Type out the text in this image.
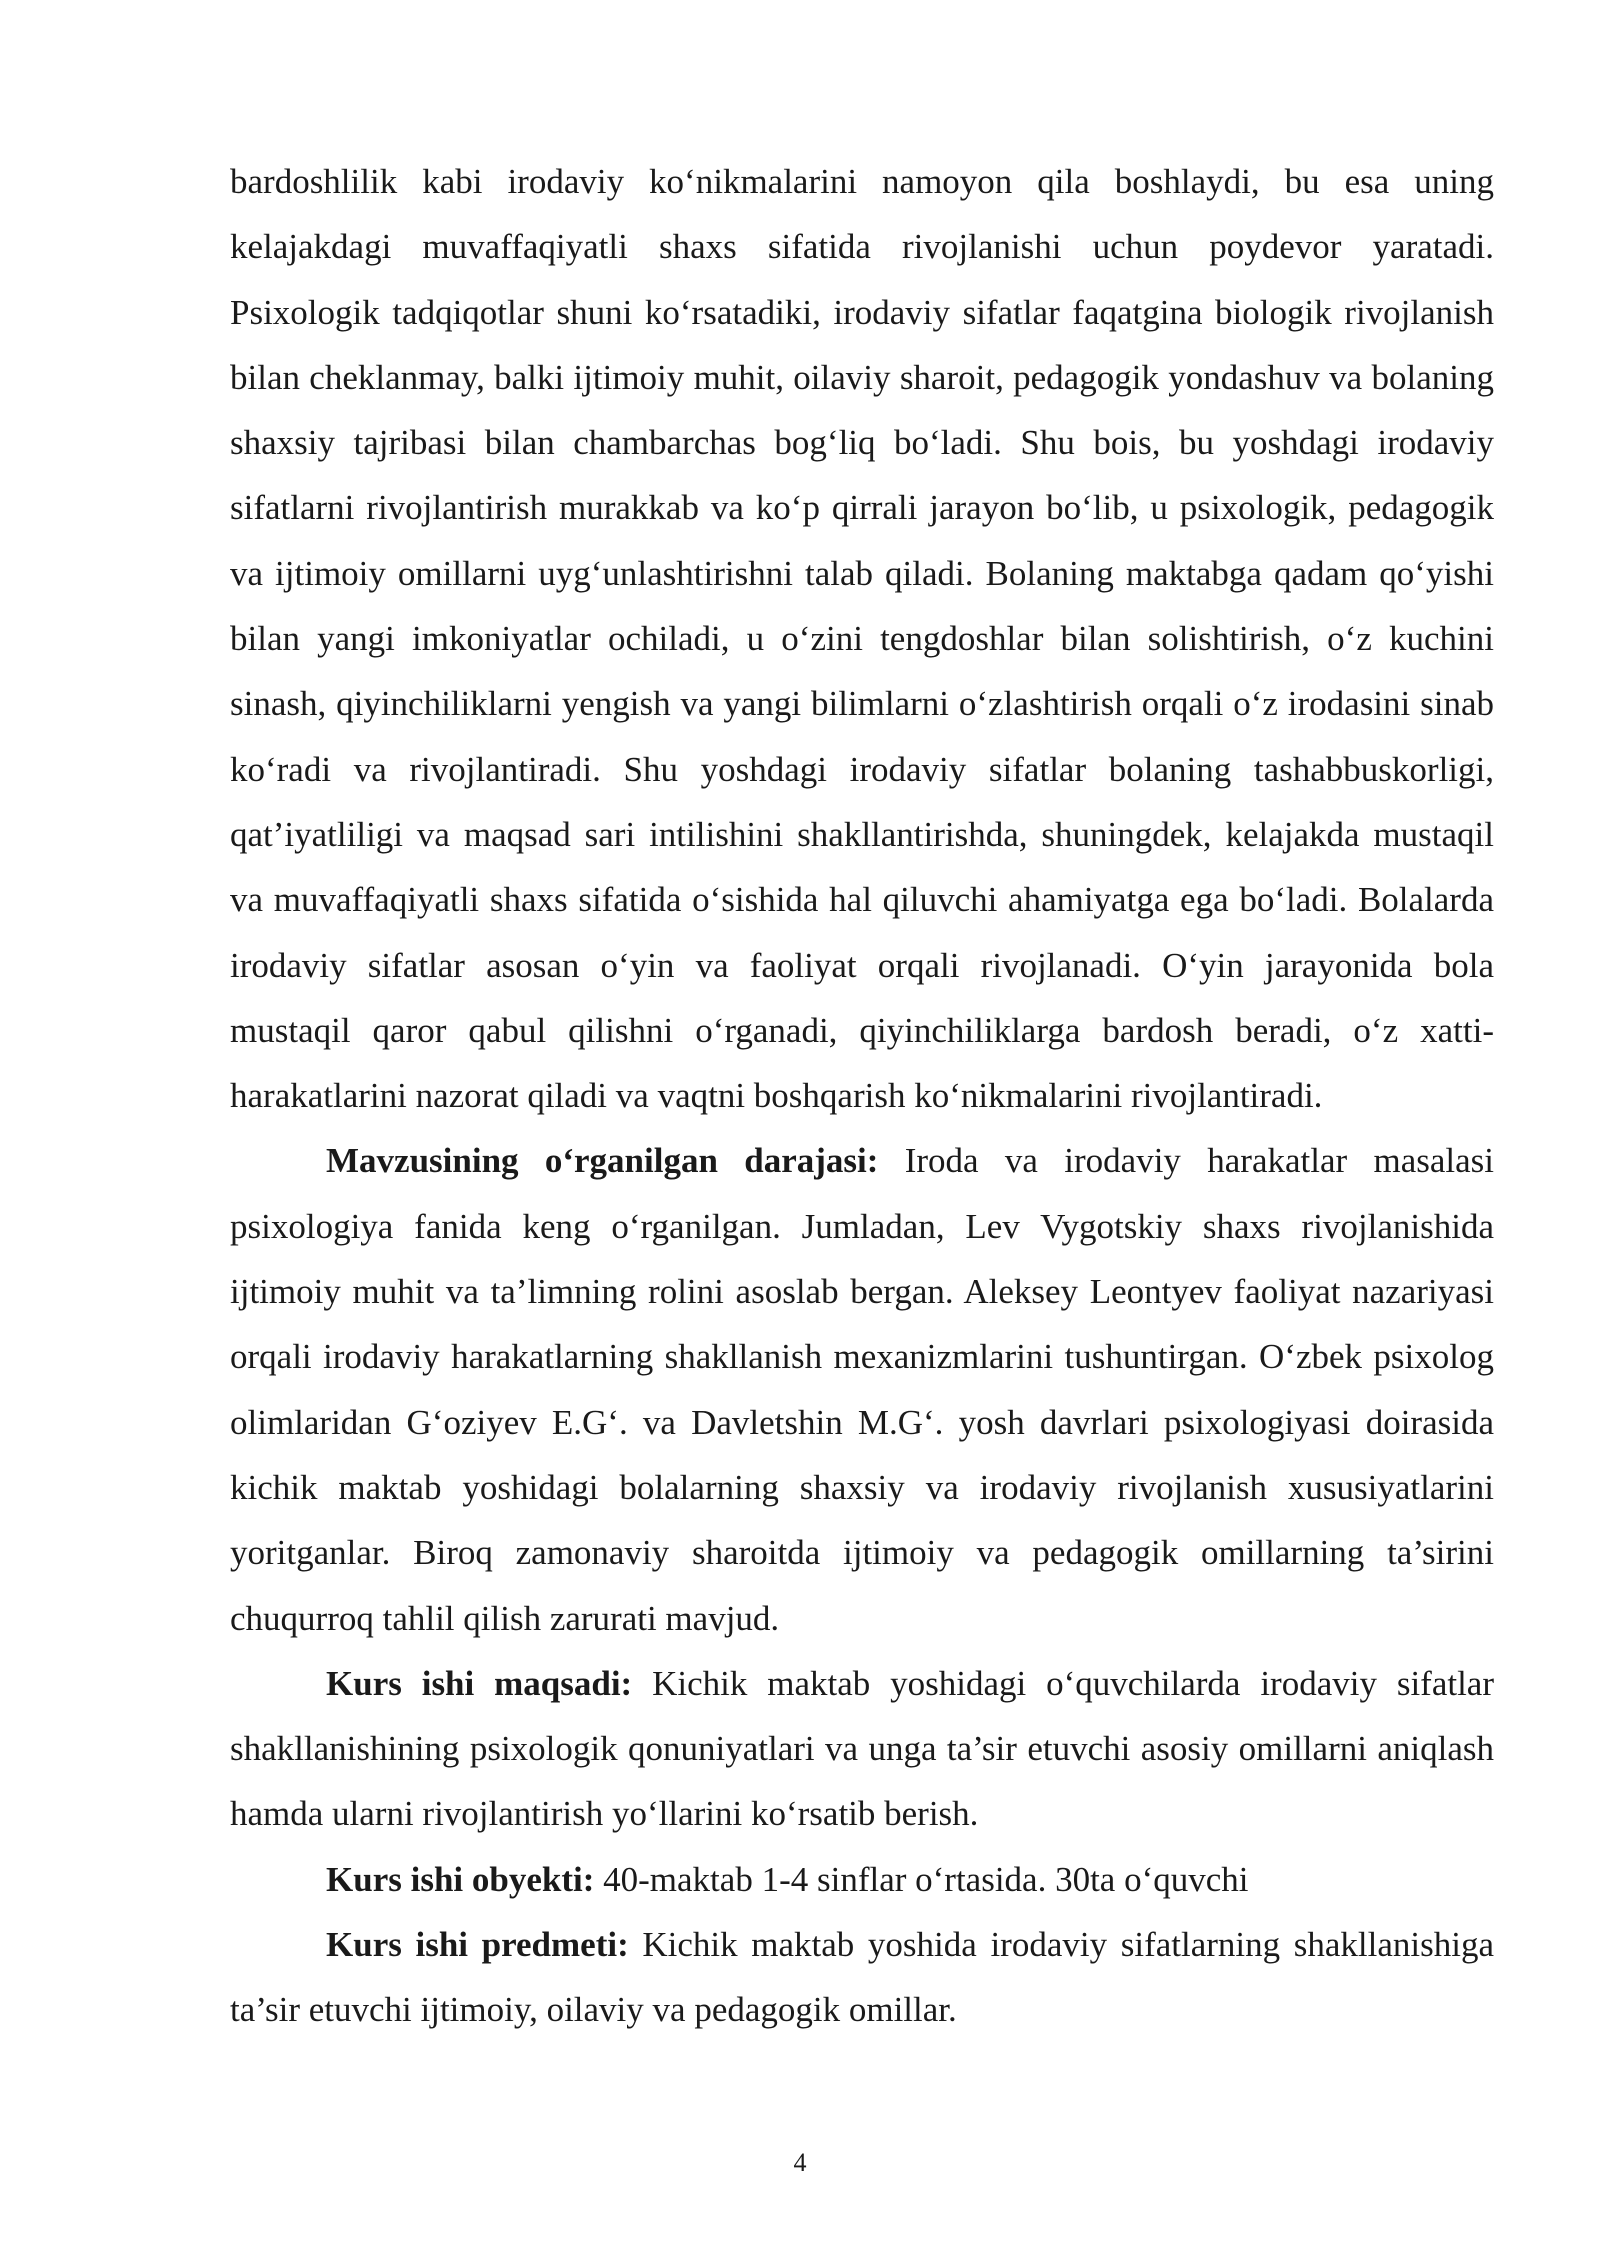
bardoshlilik kabi irodaviy koʻnikmalarini namoyon qila boshlaydi, bu esa uning kelajakdagi muvaffaqiyatli shaxs sifatida rivojlanishi uchun poydevor yaratadi. Psixologik tadqiqotlar shuni koʻrsatadiki, irodaviy sifatlar faqatgina biologik rivojlanish bilan cheklanmay, balki ijtimoiy muhit, oilaviy sharoit, pedagogik yondashuv va bolaning shaxsiy tajribasi bilan chambarchas bogʻliq boʻladi. Shu bois, bu yoshdagi irodaviy sifatlarni rivojlantirish murakkab va koʻp qirrali jarayon boʻlib, u psixologik, pedagogik va ijtimoiy omillarni uygʻunlashtirishni talab qiladi. Bolaning maktabga qadam qoʻyishi bilan yangi imkoniyatlar ochiladi, u oʻzini tengdoshlar bilan solishtirish, oʻz kuchini sinash, qiyinchiliklarni yengish va yangi bilimlarni oʻzlashtirish orqali oʻz irodasini sinab koʻradi va rivojlantiradi. Shu yoshdagi irodaviy sifatlar bolaning tashabbuskorligi, qat’iyatliligi va maqsad sari intilishini shakllantirishda, shuningdek, kelajakda mustaqil va muvaffaqiyatli shaxs sifatida oʻsishida hal qiluvchi ahamiyatga ega boʻladi. Bolalarda irodaviy sifatlar asosan oʻyin va faoliyat orqali rivojlanadi. Oʻyin jarayonida bola mustaqil qaror qabul qilishni oʻrganadi, qiyinchiliklarga bardosh beradi, oʻz xatti-harakatlarini nazorat qiladi va vaqtni boshqarish koʻnikmalarini rivojlantiradi.

Mavzusining oʻrganilgan darajasi: Iroda va irodaviy harakatlar masalasi psixologiya fanida keng oʻrganilgan. Jumladan, Lev Vygotskiy shaxs rivojlanishida ijtimoiy muhit va ta’limning rolini asoslab bergan. Aleksey Leontyev faoliyat nazariyasi orqali irodaviy harakatlarning shakllanish mexanizmlarini tushuntirgan. Oʻzbek psixolog olimlaridan Gʻoziyev E.Gʻ. va Davletshin M.Gʻ. yosh davrlari psixologiyasi doirasida kichik maktab yoshidagi bolalarning shaxsiy va irodaviy rivojlanish xususiyatlarini yoritganlar. Biroq zamonaviy sharoitda ijtimoiy va pedagogik omillarning ta’sirini chuqurroq tahlil qilish zarurati mavjud.

Kurs ishi maqsadi: Kichik maktab yoshidagi oʻquvchilarda irodaviy sifatlar shakllanishining psixologik qonuniyatlari va unga ta’sir etuvchi asosiy omillarni aniqlash hamda ularni rivojlantirish yoʻllarini koʻrsatib berish.

Kurs ishi obyekti: 40-maktab 1-4 sinflar oʻrtasida. 30ta oʻquvchi

Kurs ishi predmeti: Kichik maktab yoshida irodaviy sifatlarning shakllanishiga ta’sir etuvchi ijtimoiy, oilaviy va pedagogik omillar.

4
